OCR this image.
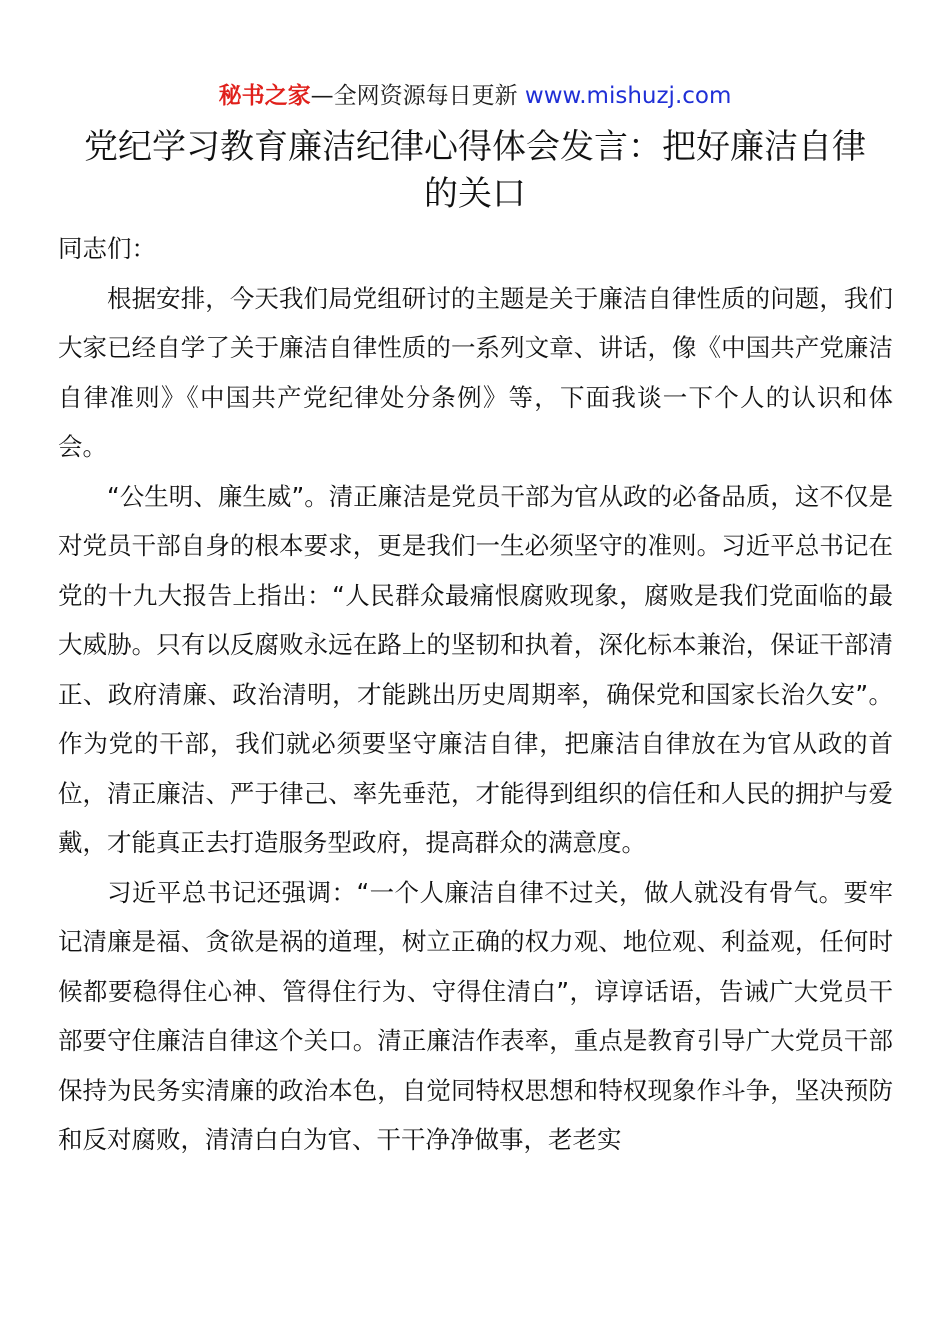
秘书之家—全网资源每日更新 www.mishuzj.com
党纪学习教育廉洁纪律心得体会发言：把好廉洁自律的关口

同志们：

根据安排，今天我们局党组研讨的主题是关于廉洁自律性质的问题，我们大家已经自学了关于廉洁自律性质的一系列文章、讲话，像《中国共产党廉洁自律准则》《中国共产党纪律处分条例》等，下面我谈一下个人的认识和体会。

“公生明、廉生威”。清正廉洁是党员干部为官从政的必备品质，这不仅是对党员干部自身的根本要求，更是我们一生必须坚守的准则。习近平总书记在党的十九大报告上指出：“人民群众最痛恨腐败现象，腐败是我们党面临的最大威胁。只有以反腐败永远在路上的坚韧和执着，深化标本兼治，保证干部清正、政府清廉、政治清明，才能跳出历史周期率，确保党和国家长治久安”。作为党的干部，我们就必须要坚守廉洁自律，把廉洁自律放在为官从政的首位，清正廉洁、严于律己、率先垂范，才能得到组织的信任和人民的拥护与爱戴，才能真正去打造服务型政府，提高群众的满意度。

习近平总书记还强调：“一个人廉洁自律不过关，做人就没有骨气。要牢记清廉是福、贪欲是祸的道理，树立正确的权力观、地位观、利益观，任何时候都要稳得住心神、管得住行为、守得住清白”，谆谆话语，告诫广大党员干部要守住廉洁自律这个关口。清正廉洁作表率，重点是教育引导广大党员干部保持为民务实清廉的政治本色，自觉同特权思想和特权现象作斗争，坚决预防和反对腐败，清清白白为官、干干净净做事，老老实
